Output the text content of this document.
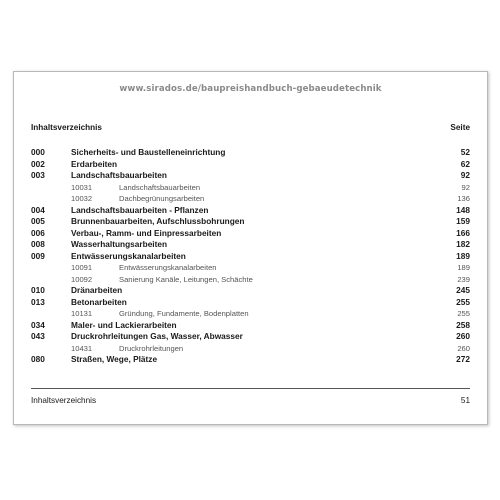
www.sirados.de/baupreishandbuch-gebaeudetechnik
Inhaltsverzeichnis	Seite
000	Sicherheits- und Baustelleneinrichtung	52
002	Erdarbeiten	62
003	Landschaftsbauarbeiten	92
10031	Landschaftsbauarbeiten	92
10032	Dachbegrünungsarbeiten	136
004	Landschaftsbauarbeiten - Pflanzen	148
005	Brunnenbauarbeiten, Aufschlussbohrungen	159
006	Verbau-, Ramm- und Einpressarbeiten	166
008	Wasserhaltungsarbeiten	182
009	Entwässerungskanalarbeiten	189
10091	Entwässerungskanalarbeiten	189
10092	Sanierung Kanäle, Leitungen, Schächte	239
010	Dränarbeiten	245
013	Betonarbeiten	255
10131	Gründung, Fundamente, Bodenplatten	255
034	Maler- und Lackierarbeiten	258
043	Druckrohrleitungen Gas, Wasser, Abwasser	260
10431	Druckrohrleitungen	260
080	Straßen, Wege, Plätze	272
Inhaltsverzeichnis	51
